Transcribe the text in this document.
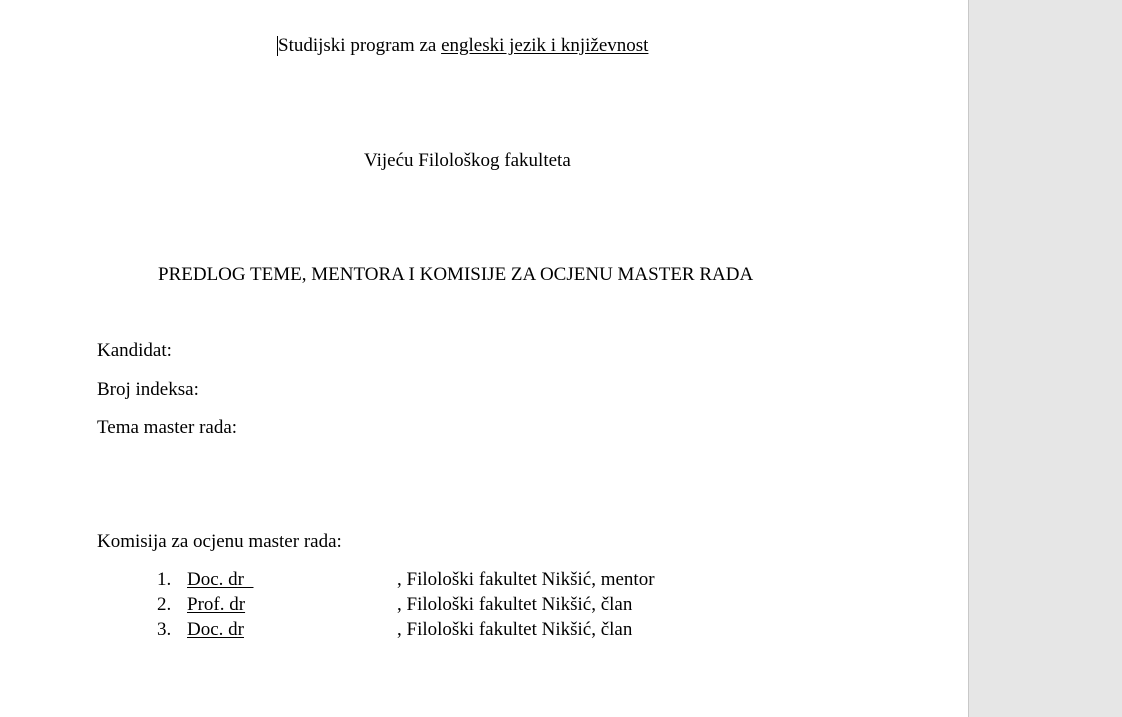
Studijski program za engleski jezik i književnost
Vijeću Filološkog fakulteta
PREDLOG TEME, MENTORA I KOMISIJE ZA OCJENU MASTER RADA
Kandidat:
Broj indeksa:
Tema master rada:
Komisija za ocjenu master rada:
1. Doc. dr	, Filološki fakultet Nikšić, mentor
2. Prof. dr	, Filološki fakultet Nikšić, član
3. Doc. dr	, Filološki fakultet Nikšić, član
